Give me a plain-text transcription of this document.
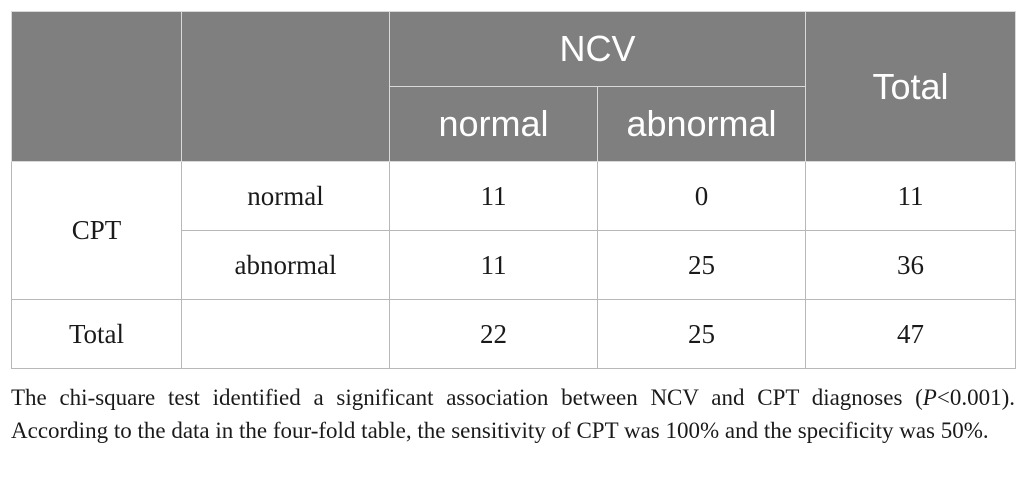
		NCV		Total
		normal	abnormal	
CPT	normal	11	0	11
	abnormal	11	25	36
Total		22	25	47
The chi-square test identified a significant association between NCV and CPT diagnoses (P<0.001). According to the data in the four-fold table, the sensitivity of CPT was 100% and the specificity was 50%.
